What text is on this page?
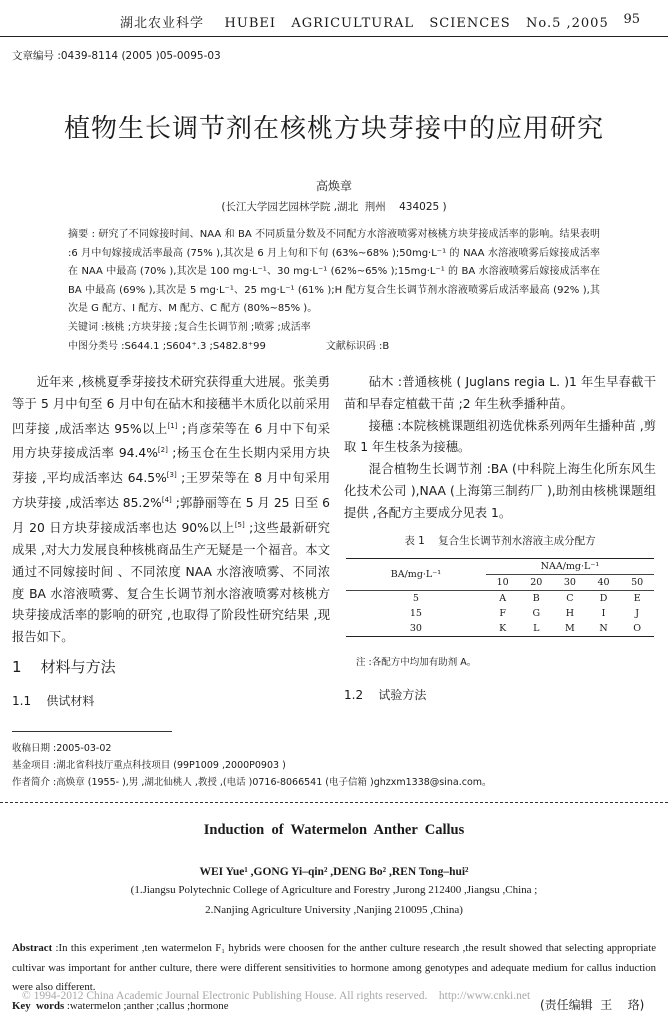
湖北农业科学    HUBEI   AGRICULTURAL   SCIENCES   No.5 ,2005 95
文章编号 :0439-8114 (2005 )05-0095-03
植物生长调节剂在核桃方块芽接中的应用研究
高焕章
(长江大学园艺园林学院 ,湖北  荆州    434025 )

摘要 : 研究了不同嫁接时间、NAA 和 BA 不同质量分数及不同配方水溶液喷雾对核桃方块芽接成活率的影响。结果表明 :6 月中旬嫁接成活率最高 (75% ),其次是 6 月上旬和下旬 (63%~68% );50mg·L⁻¹ 的 NAA 水溶液喷雾后嫁接成活率在 NAA 中最高 (70% ),其次是 100 mg·L⁻¹、30 mg·L⁻¹ (62%~65% );15mg·L⁻¹ 的 BA 水溶液喷雾后嫁接成活率在 BA 中最高 (69% ),其次是 5 mg·L⁻¹、25 mg·L⁻¹ (61% );H 配方复合生长调节剂水溶液喷雾后成活率最高 (92% ),其次是 G 配方、I 配方、M 配方、C 配方 (80%~85% )。

关键词 :核桃 ;方块芽接 ;复合生长调节剂 ;喷雾 ;成活率

中图分类号 :S644.1 ;S604⁺.3 ;S482.8⁺99	文献标识码 :B

近年来 ,核桃夏季芽接技术研究获得重大进展。张美勇等于 5 月中旬至 6 月中旬在砧木和接穗半木质化以前采用凹芽接 ,成活率达 95%以上[1] ;肖彦荣等在 6 月中下旬采用方块芽接成活率 94.4%[2] ;杨玉仓在生长期内采用方块芽接 ,平均成活率达 64.5%[3] ;王罗荣等在 8 月中旬采用方块芽接 ,成活率达 85.2%[4] ;郭静丽等在 5 月 25 日至 6 月 20 日方块芽接成活率也达 90%以上[5] ;这些最新研究成果 ,对大力发展良种核桃商品生产无疑是一个福音。本文通过不同嫁接时间 、不同浓度 NAA 水溶液喷雾、不同浓度 BA 水溶液喷雾、复合生长调节剂水溶液喷雾对核桃方块芽接成活率的影响的研究 ,也取得了阶段性研究结果 ,现报告如下。

1    材料与方法
1.1    供试材料

砧木 :普通核桃 ( Juglans regia L. )1 年生早春截干苗和早春定植截干苗 ;2 年生秋季播种苗。

接穗 :本院核桃课题组初选优株系列两年生播种苗 ,剪取 1 年生枝条为接穗。

混合植物生长调节剂 :BA (中科院上海生化所东风生化技术公司 ),NAA (上海第三制药厂 ),助剂由核桃课题组提供 ,各配方主要成分见表 1。

表 1    复合生长调节剂水溶液主成分配方
BA/mg·L⁻¹	NAA/mg·L⁻¹				
	10	20	30	40	50
5	A	B	C	D	E
15	F	G	H	I	J
30	K	L	M	N	O
注 :各配方中均加有助剂 A。
1.2    试验方法
收稿日期 :2005-03-02
基金项目 :湖北省科技厅重点科技项目 (99P1009 ,2000P0903 )
作者简介 :高焕章 (1955- ),男 ,湖北仙桃人 ,教授 ,(电话 )0716-8066541 (电子信箱 )ghzxm1338@sina.com。
Induction  of  Watermelon  Anther  Callus
WEI Yue¹ ,GONG Yi–qin² ,DENG Bo² ,REN Tong–hui²
(1.Jiangsu Polytechnic College of Agriculture and Forestry ,Jurong 212400 ,Jiangsu ,China ;
2.Nanjing Agriculture University ,Nanjing 210095 ,China)

Abstract :In this experiment ,ten watermelon F₁ hybrids were choosen for the anther culture research ,the result showed that selecting appropriate cultivar was important for anther culture, there were different sensitivities to hormone among genotypes and adequate medium for callus induction were also different.

© 1994-2012 China Academic Journal Electronic Publishing House. All rights reserved.    http://www.cnki.net
Key  words :watermelon ;anther ;callus ;hormone	(责任编辑  王    珞)
